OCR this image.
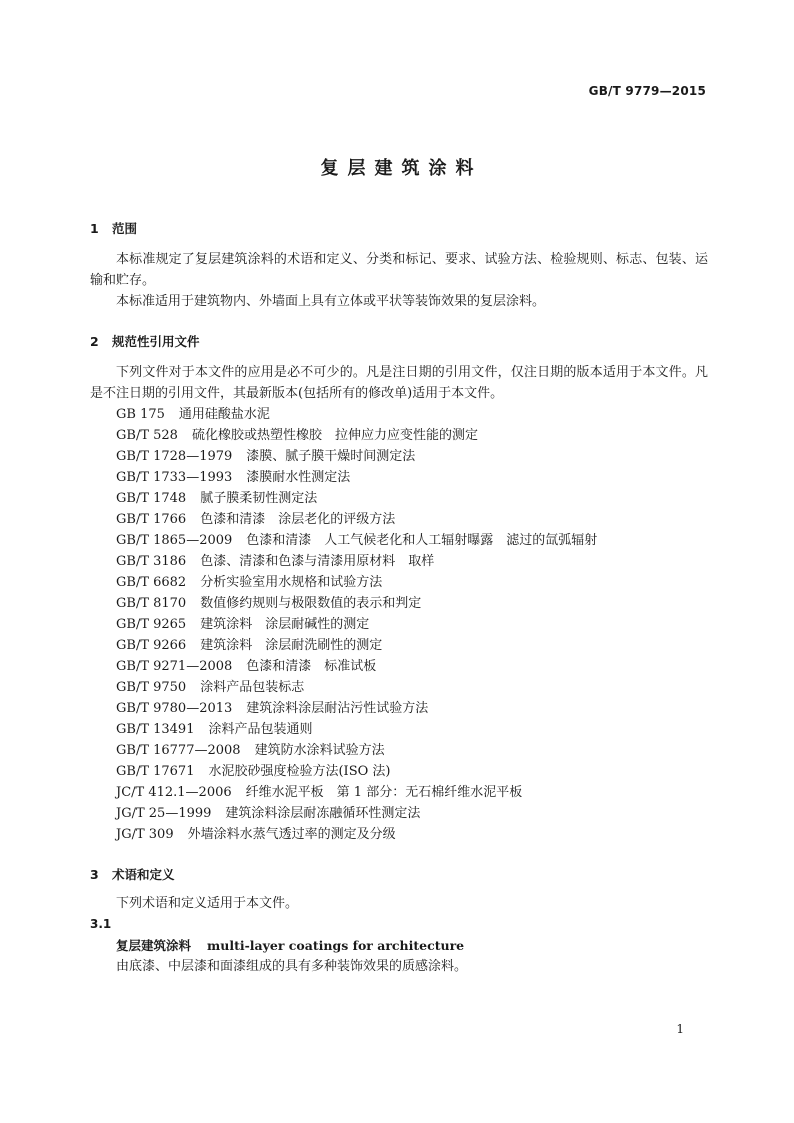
GB/T 9779—2015
复层建筑涂料
1 范围
本标准规定了复层建筑涂料的术语和定义、分类和标记、要求、试验方法、检验规则、标志、包装、运输和贮存。
本标准适用于建筑物内、外墙面上具有立体或平状等装饰效果的复层涂料。
2 规范性引用文件
下列文件对于本文件的应用是必不可少的。凡是注日期的引用文件，仅注日期的版本适用于本文件。凡是不注日期的引用文件，其最新版本(包括所有的修改单)适用于本文件。
GB 175 通用硅酸盐水泥
GB/T 528 硫化橡胶或热塑性橡胶　拉伸应力应变性能的测定
GB/T 1728—1979 漆膜、腻子膜干燥时间测定法
GB/T 1733—1993 漆膜耐水性测定法
GB/T 1748 腻子膜柔韧性测定法
GB/T 1766 色漆和清漆　涂层老化的评级方法
GB/T 1865—2009 色漆和清漆　人工气候老化和人工辐射曝露　滤过的氙弧辐射
GB/T 3186 色漆、清漆和色漆与清漆用原材料　取样
GB/T 6682 分析实验室用水规格和试验方法
GB/T 8170 数值修约规则与极限数值的表示和判定
GB/T 9265 建筑涂料　涂层耐碱性的测定
GB/T 9266 建筑涂料　涂层耐洗刷性的测定
GB/T 9271—2008 色漆和清漆　标准试板
GB/T 9750 涂料产品包装标志
GB/T 9780—2013 建筑涂料涂层耐沾污性试验方法
GB/T 13491 涂料产品包装通则
GB/T 16777—2008 建筑防水涂料试验方法
GB/T 17671 水泥胶砂强度检验方法(ISO 法)
JC/T 412.1—2006 纤维水泥平板　第 1 部分：无石棉纤维水泥平板
JG/T 25—1999 建筑涂料涂层耐冻融循环性测定法
JG/T 309 外墙涂料水蒸气透过率的测定及分级
3 术语和定义
下列术语和定义适用于本文件。
3.1
复层建筑涂料 multi-layer coatings for architecture
由底漆、中层漆和面漆组成的具有多种装饰效果的质感涂料。
1
